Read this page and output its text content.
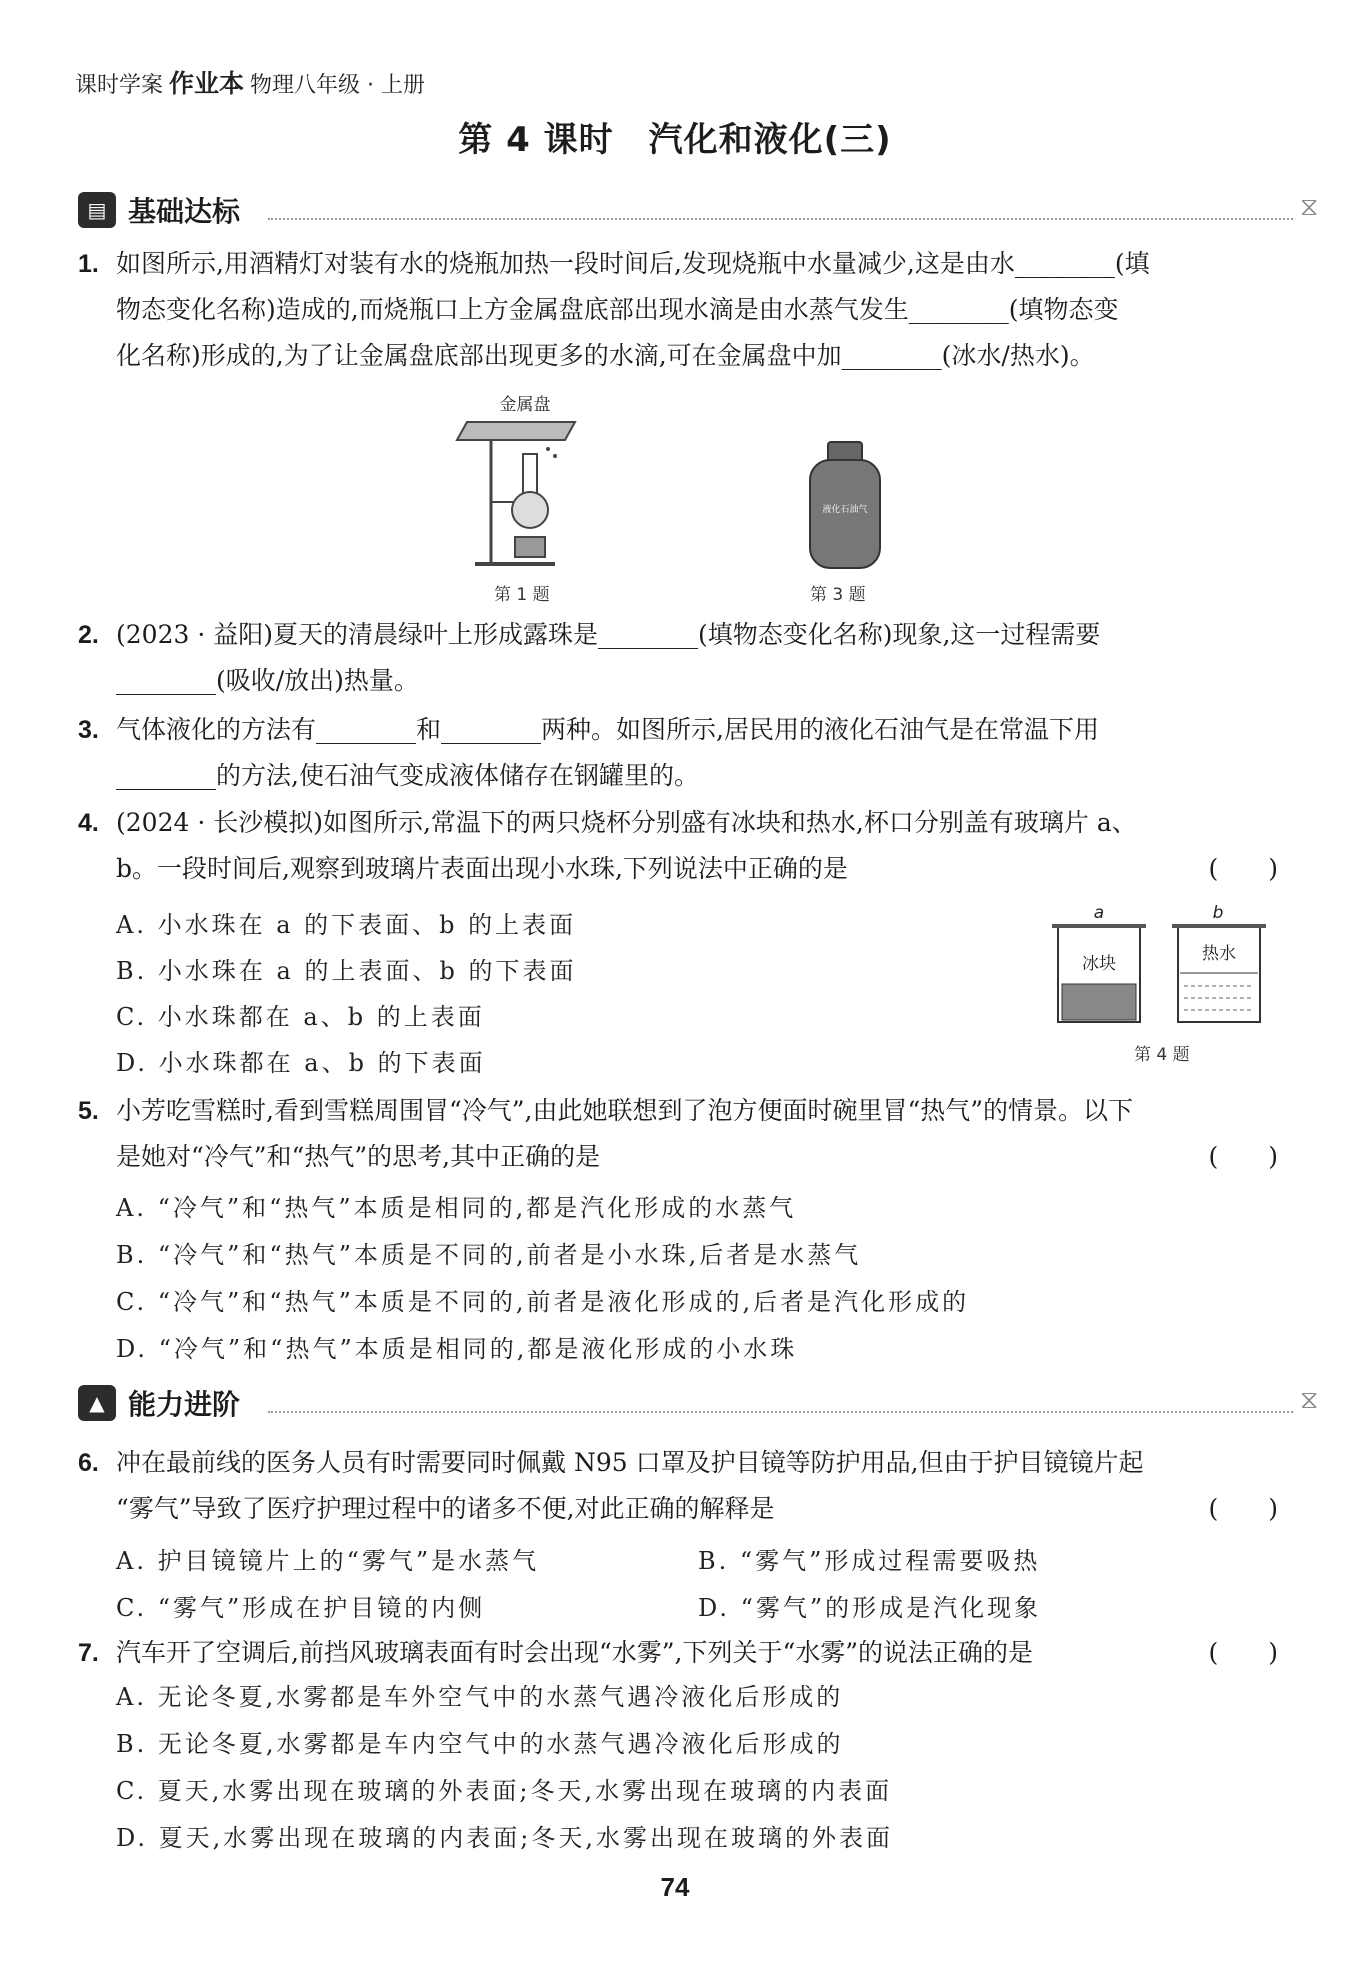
课时学案 作业本 物理八年级 · 上册
第 4 课时　汽化和液化(三)
▤ 基础达标	⧖
1. 如图所示,用酒精灯对装有水的烧瓶加热一段时间后,发现烧瓶中水量减少,这是由水________(填
物态变化名称)造成的,而烧瓶口上方金属盘底部出现水滴是由水蒸气发生________(填物态变
化名称)形成的,为了让金属盘底部出现更多的水滴,可在金属盘中加________(冰水/热水)。
金属盘
第 1 题
液化石油气
第 3 题
2. (2023 · 益阳)夏天的清晨绿叶上形成露珠是________(填物态变化名称)现象,这一过程需要
________(吸收/放出)热量。
3. 气体液化的方法有________和________两种。如图所示,居民用的液化石油气是在常温下用
________的方法,使石油气变成液体储存在钢罐里的。
4. (2024 · 长沙模拟)如图所示,常温下的两只烧杯分别盛有冰块和热水,杯口分别盖有玻璃片 a、
b。一段时间后,观察到玻璃片表面出现小水珠,下列说法中正确的是	(　　)
A. 小水珠在 a 的下表面、b 的上表面
B. 小水珠在 a 的上表面、b 的下表面
C. 小水珠都在 a、b 的上表面
D. 小水珠都在 a、b 的下表面
a	b
冰块	热水
第 4 题
5. 小芳吃雪糕时,看到雪糕周围冒“冷气”,由此她联想到了泡方便面时碗里冒“热气”的情景。以下
是她对“冷气”和“热气”的思考,其中正确的是	(　　)
A. “冷气”和“热气”本质是相同的,都是汽化形成的水蒸气
B. “冷气”和“热气”本质是不同的,前者是小水珠,后者是水蒸气
C. “冷气”和“热气”本质是不同的,前者是液化形成的,后者是汽化形成的
D. “冷气”和“热气”本质是相同的,都是液化形成的小水珠
▲ 能力进阶	⧖
6. 冲在最前线的医务人员有时需要同时佩戴 N95 口罩及护目镜等防护用品,但由于护目镜镜片起
“雾气”导致了医疗护理过程中的诸多不便,对此正确的解释是	(　　)
A. 护目镜镜片上的“雾气”是水蒸气	B. “雾气”形成过程需要吸热
C. “雾气”形成在护目镜的内侧	D. “雾气”的形成是汽化现象
7. 汽车开了空调后,前挡风玻璃表面有时会出现“水雾”,下列关于“水雾”的说法正确的是	(　　)
A. 无论冬夏,水雾都是车外空气中的水蒸气遇冷液化后形成的
B. 无论冬夏,水雾都是车内空气中的水蒸气遇冷液化后形成的
C. 夏天,水雾出现在玻璃的外表面;冬天,水雾出现在玻璃的内表面
D. 夏天,水雾出现在玻璃的内表面;冬天,水雾出现在玻璃的外表面
74
